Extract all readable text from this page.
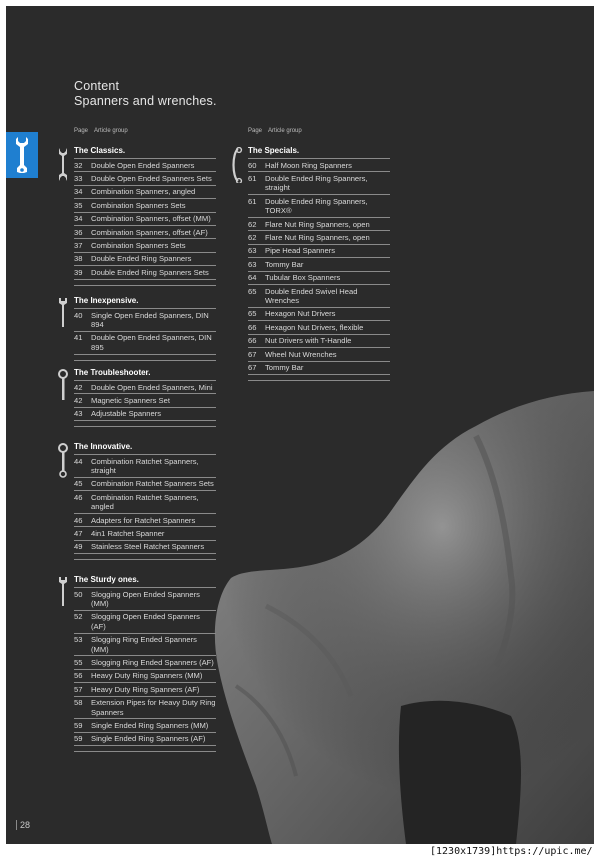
Content
Spanners and wrenches.
Page Article group	Page Article group
The Classics.
32	Double Open Ended Spanners
33	Double Open Ended Spanners Sets
34	Combination Spanners, angled
35	Combination Spanners Sets
34	Combination Spanners, offset (MM)
36	Combination Spanners, offset (AF)
37	Combination Spanners Sets
38	Double Ended Ring Spanners
39	Double Ended Ring Spanners Sets
The Inexpensive.
40	Single Open Ended Spanners, DIN 894
41	Double Open Ended Spanners, DIN 895
The Troubleshooter.
42	Double Open Ended Spanners, Mini
42	Magnetic Spanners Set
43	Adjustable Spanners
The Innovative.
44	Combination Ratchet Spanners, straight
45	Combination Ratchet Spanners Sets
46	Combination Ratchet Spanners, angled
46	Adapters for Ratchet Spanners
47	4in1 Ratchet Spanner
49	Stainless Steel Ratchet Spanners
The Sturdy ones.
50	Slogging Open Ended Spanners (MM)
52	Slogging Open Ended Spanners (AF)
53	Slogging Ring Ended Spanners (MM)
55	Slogging Ring Ended Spanners (AF)
56	Heavy Duty Ring Spanners (MM)
57	Heavy Duty Ring Spanners (AF)
58	Extension Pipes for Heavy Duty Ring Spanners
59	Single Ended Ring Spanners (MM)
59	Single Ended Ring Spanners (AF)
The Specials.
60	Half Moon Ring Spanners
61	Double Ended Ring Spanners, straight
61	Double Ended Ring Spanners, TORX®
62	Flare Nut Ring Spanners, open
62	Flare Nut Ring Spanners, open
63	Pipe Head Spanners
63	Tommy Bar
64	Tubular Box Spanners
65	Double Ended Swivel Head Wrenches
65	Hexagon Nut Drivers
66	Hexagon Nut Drivers, flexible
66	Nut Drivers with T-Handle
67	Wheel Nut Wrenches
67	Tommy Bar
28
[1230x1739]https://upic.me/
